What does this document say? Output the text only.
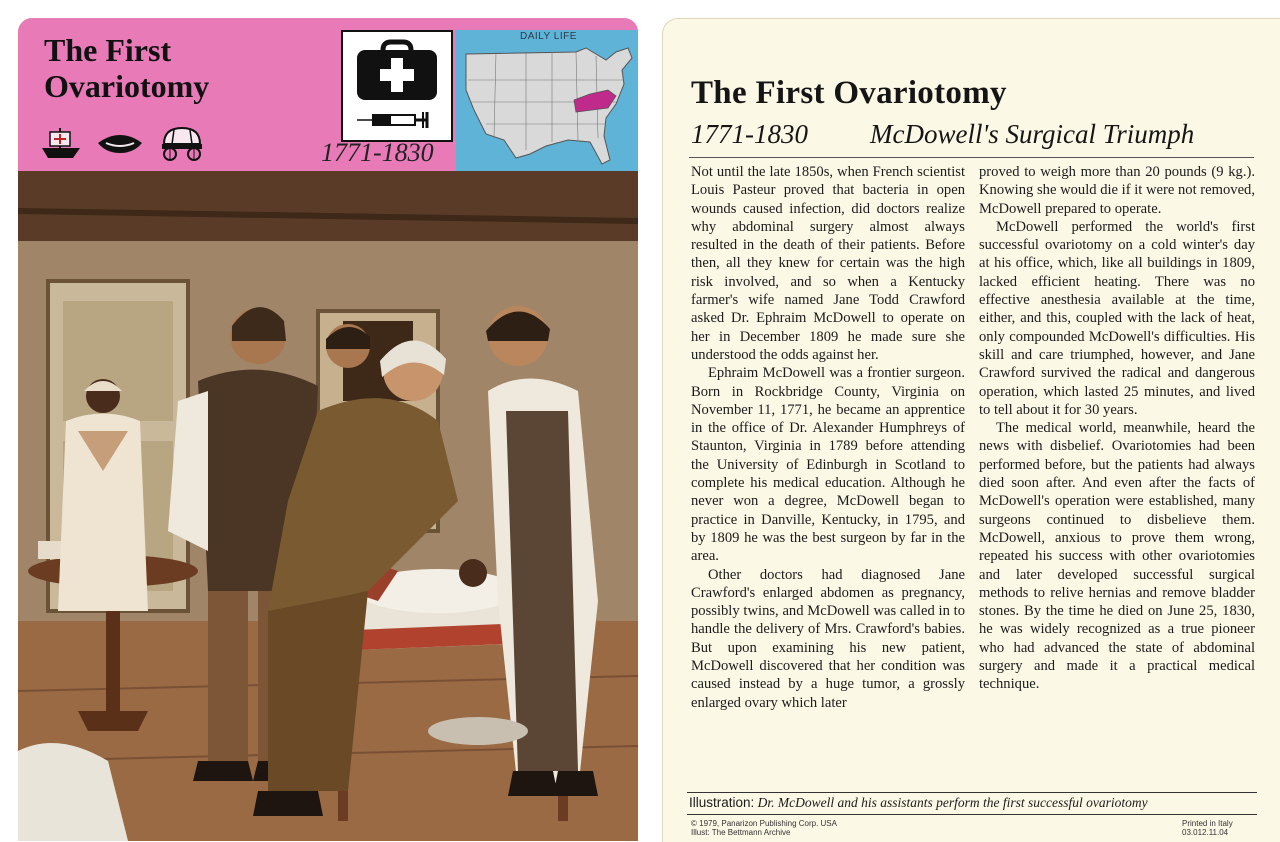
The First
Ovariotomy
DAILY LIFE
1771-1830
The First Ovariotomy
1771-1830 McDowell's Surgical Triumph

Not until the late 1850s, when French scientist Louis Pasteur proved that bacteria in open wounds caused infection, did doctors realize why abdominal surgery almost always resulted in the death of their patients. Before then, all they knew for certain was the high risk involved, and so when a Kentucky farmer's wife named Jane Todd Crawford asked Dr. Ephraim McDowell to operate on her in December 1809 he made sure she understood the odds against her.

Ephraim McDowell was a frontier surgeon. Born in Rockbridge County, Virginia on November 11, 1771, he became an apprentice in the office of Dr. Alexander Humphreys of Staunton, Virginia in 1789 before attending the University of Edinburgh in Scotland to complete his medical education. Although he never won a degree, McDowell began to practice in Danville, Kentucky, in 1795, and by 1809 he was the best surgeon by far in the area.

Other doctors had diagnosed Jane Crawford's enlarged abdomen as pregnancy, possibly twins, and McDowell was called in to handle the delivery of Mrs. Crawford's babies. But upon examining his new patient, McDowell discovered that her condition was caused instead by a huge tumor, a grossly enlarged ovary which later

proved to weigh more than 20 pounds (9 kg.). Knowing she would die if it were not removed, McDowell prepared to operate.

McDowell performed the world's first successful ovariotomy on a cold winter's day at his office, which, like all buildings in 1809, lacked efficient heating. There was no effective anesthesia available at the time, either, and this, coupled with the lack of heat, only compounded McDowell's difficulties. His skill and care triumphed, however, and Jane Crawford survived the radical and dangerous operation, which lasted 25 minutes, and lived to tell about it for 30 years.

The medical world, meanwhile, heard the news with disbelief. Ovariotomies had been performed before, but the patients had always died soon after. And even after the facts of McDowell's operation were established, many surgeons continued to disbelieve them. McDowell, anxious to prove them wrong, repeated his success with other ovariotomies and later developed successful surgical methods to relive hernias and remove bladder stones. By the time he died on June 25, 1830, he was widely recognized as a true pioneer who had advanced the state of abdominal surgery and made it a practical medical technique.

Illustration: Dr. McDowell and his assistants perform the first successful ovariotomy
© 1979, Panarizon Publishing Corp. USA
Illust: The Bettmann Archive
Printed in Italy
03.012.11.04
